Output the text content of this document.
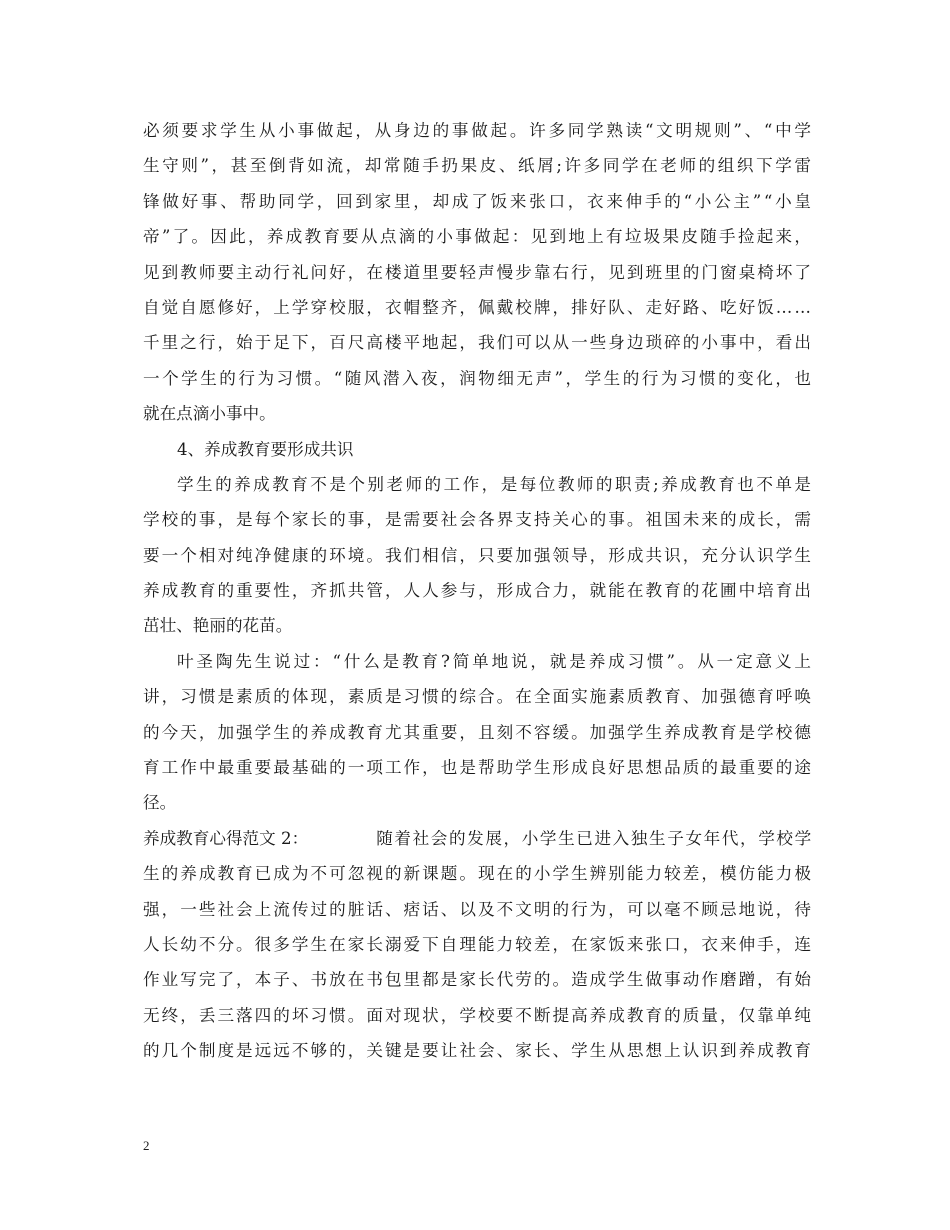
必须要求学生从小事做起，从身边的事做起。许多同学熟读“文明规则”、“中学
生守则”，甚至倒背如流，却常随手扔果皮、纸屑;许多同学在老师的组织下学雷
锋做好事、帮助同学，回到家里，却成了饭来张口，衣来伸手的“小公主”“小皇
帝”了。因此，养成教育要从点滴的小事做起：见到地上有垃圾果皮随手捡起来，
见到教师要主动行礼问好，在楼道里要轻声慢步靠右行，见到班里的门窗桌椅坏了
自觉自愿修好，上学穿校服，衣帽整齐，佩戴校牌，排好队、走好路、吃好饭……
千里之行，始于足下，百尺高楼平地起，我们可以从一些身边琐碎的小事中，看出
一个学生的行为习惯。“随风潜入夜，润物细无声”，学生的行为习惯的变化，也
就在点滴小事中。
4、养成教育要形成共识
学生的养成教育不是个别老师的工作，是每位教师的职责;养成教育也不单是
学校的事，是每个家长的事，是需要社会各界支持关心的事。祖国未来的成长，需
要一个相对纯净健康的环境。我们相信，只要加强领导，形成共识，充分认识学生
养成教育的重要性，齐抓共管，人人参与，形成合力，就能在教育的花圃中培育出
茁壮、艳丽的花苗。
叶圣陶先生说过：“什么是教育?简单地说，就是养成习惯”。从一定意义上
讲，习惯是素质的体现，素质是习惯的综合。在全面实施素质教育、加强德育呼唤
的今天，加强学生的养成教育尤其重要，且刻不容缓。加强学生养成教育是学校德
育工作中最重要最基础的一项工作，也是帮助学生形成良好思想品质的最重要的途
径。
养成教育心得范文 2：	随着社会的发展，小学生已进入独生子女年代，学校学
生的养成教育已成为不可忽视的新课题。现在的小学生辨别能力较差，模仿能力极
强，一些社会上流传过的脏话、痞话、以及不文明的行为，可以毫不顾忌地说，待
人长幼不分。很多学生在家长溺爱下自理能力较差，在家饭来张口，衣来伸手，连
作业写完了，本子、书放在书包里都是家长代劳的。造成学生做事动作磨蹭，有始
无终，丢三落四的坏习惯。面对现状，学校要不断提高养成教育的质量，仅靠单纯
的几个制度是远远不够的，关键是要让社会、家长、学生从思想上认识到养成教育
2
